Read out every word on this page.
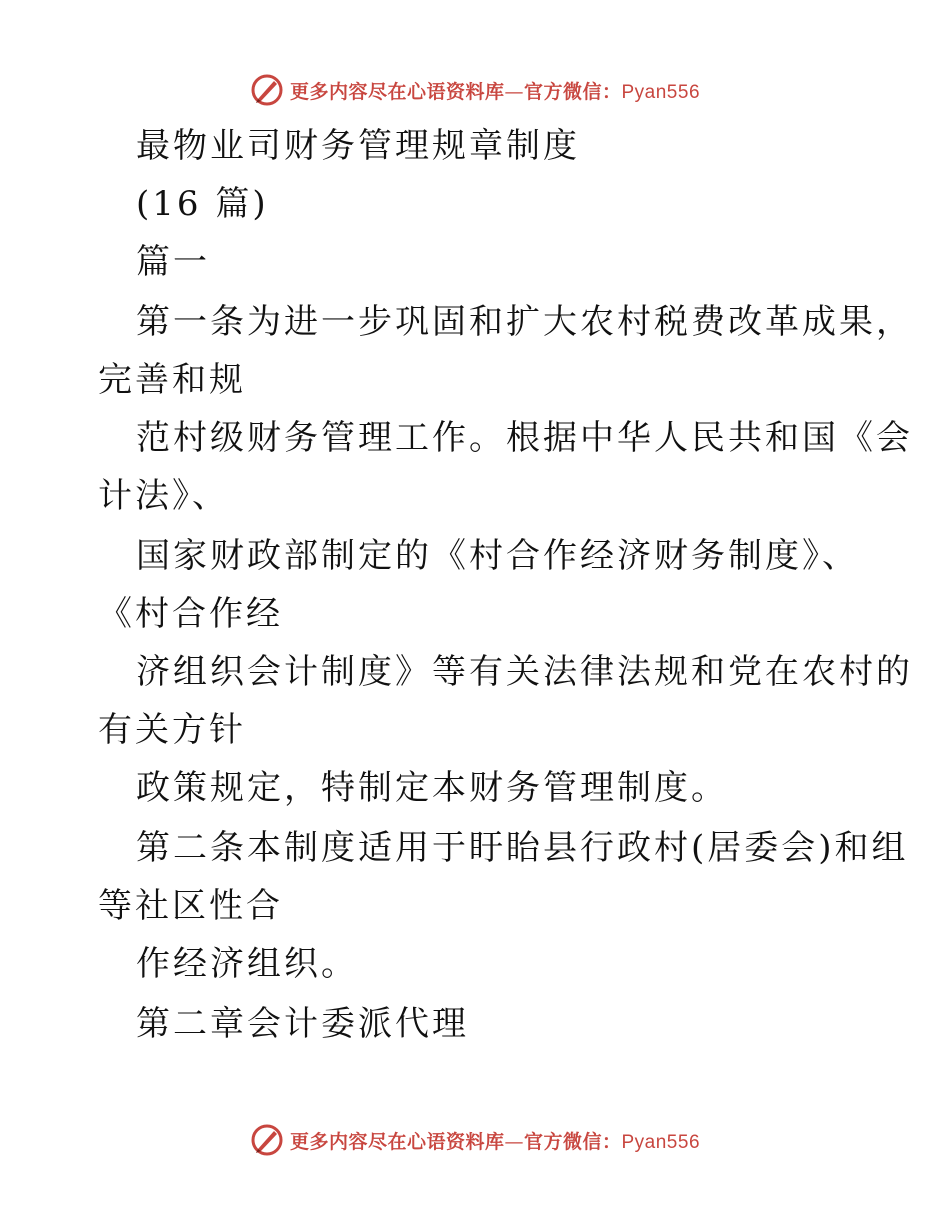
更多内容尽在心语资料库—官方微信：Pyan556
最物业司财务管理规章制度
(16 篇)
篇一
第一条为进一步巩固和扩大农村税费改革成果，
完善和规
范村级财务管理工作。根据中华人民共和国《会
计法》、
国家财政部制定的《村合作经济财务制度》、
《村合作经
济组织会计制度》等有关法律法规和党在农村的
有关方针
政策规定，特制定本财务管理制度。
第二条本制度适用于盱眙县行政村(居委会)和组
等社区性合
作经济组织。
第二章会计委派代理
更多内容尽在心语资料库—官方微信：Pyan556
